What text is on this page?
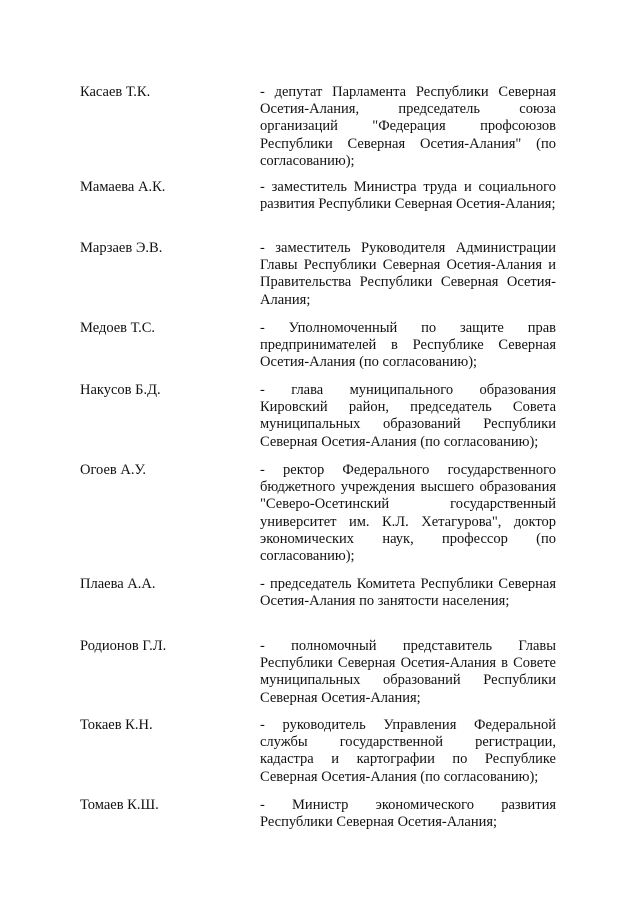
Касаев Т.К.	- депутат Парламента Республики Северная Осетия-Алания, председатель союза организаций "Федерация профсоюзов Республики Северная Осетия-Алания" (по согласованию);
Мамаева А.К.	- заместитель Министра труда и социального развития Республики Северная Осетия-Алания;
Марзаев Э.В.	- заместитель Руководителя Администрации Главы Республики Северная Осетия-Алания и Правительства Республики Северная Осетия-Алания;
Медоев Т.С.	- Уполномоченный по защите прав предпринимателей в Республике Северная Осетия-Алания (по согласованию);
Накусов Б.Д.	- глава муниципального образования Кировский район, председатель Совета муниципальных образований Республики Северная Осетия-Алания (по согласованию);
Огоев А.У.	- ректор Федерального государственного бюджетного учреждения высшего образования "Северо-Осетинский государственный университет им. К.Л. Хетагурова", доктор экономических наук, профессор (по согласованию);
Плаева А.А.	- председатель Комитета Республики Северная Осетия-Алания по занятости населения;
Родионов Г.Л.	- полномочный представитель Главы Республики Северная Осетия-Алания в Совете муниципальных образований Республики Северная Осетия-Алания;
Токаев К.Н.	- руководитель Управления Федеральной службы государственной регистрации, кадастра и картографии по Республике Северная Осетия-Алания (по согласованию);
Томаев К.Ш.	- Министр экономического развития Республики Северная Осетия-Алания;
